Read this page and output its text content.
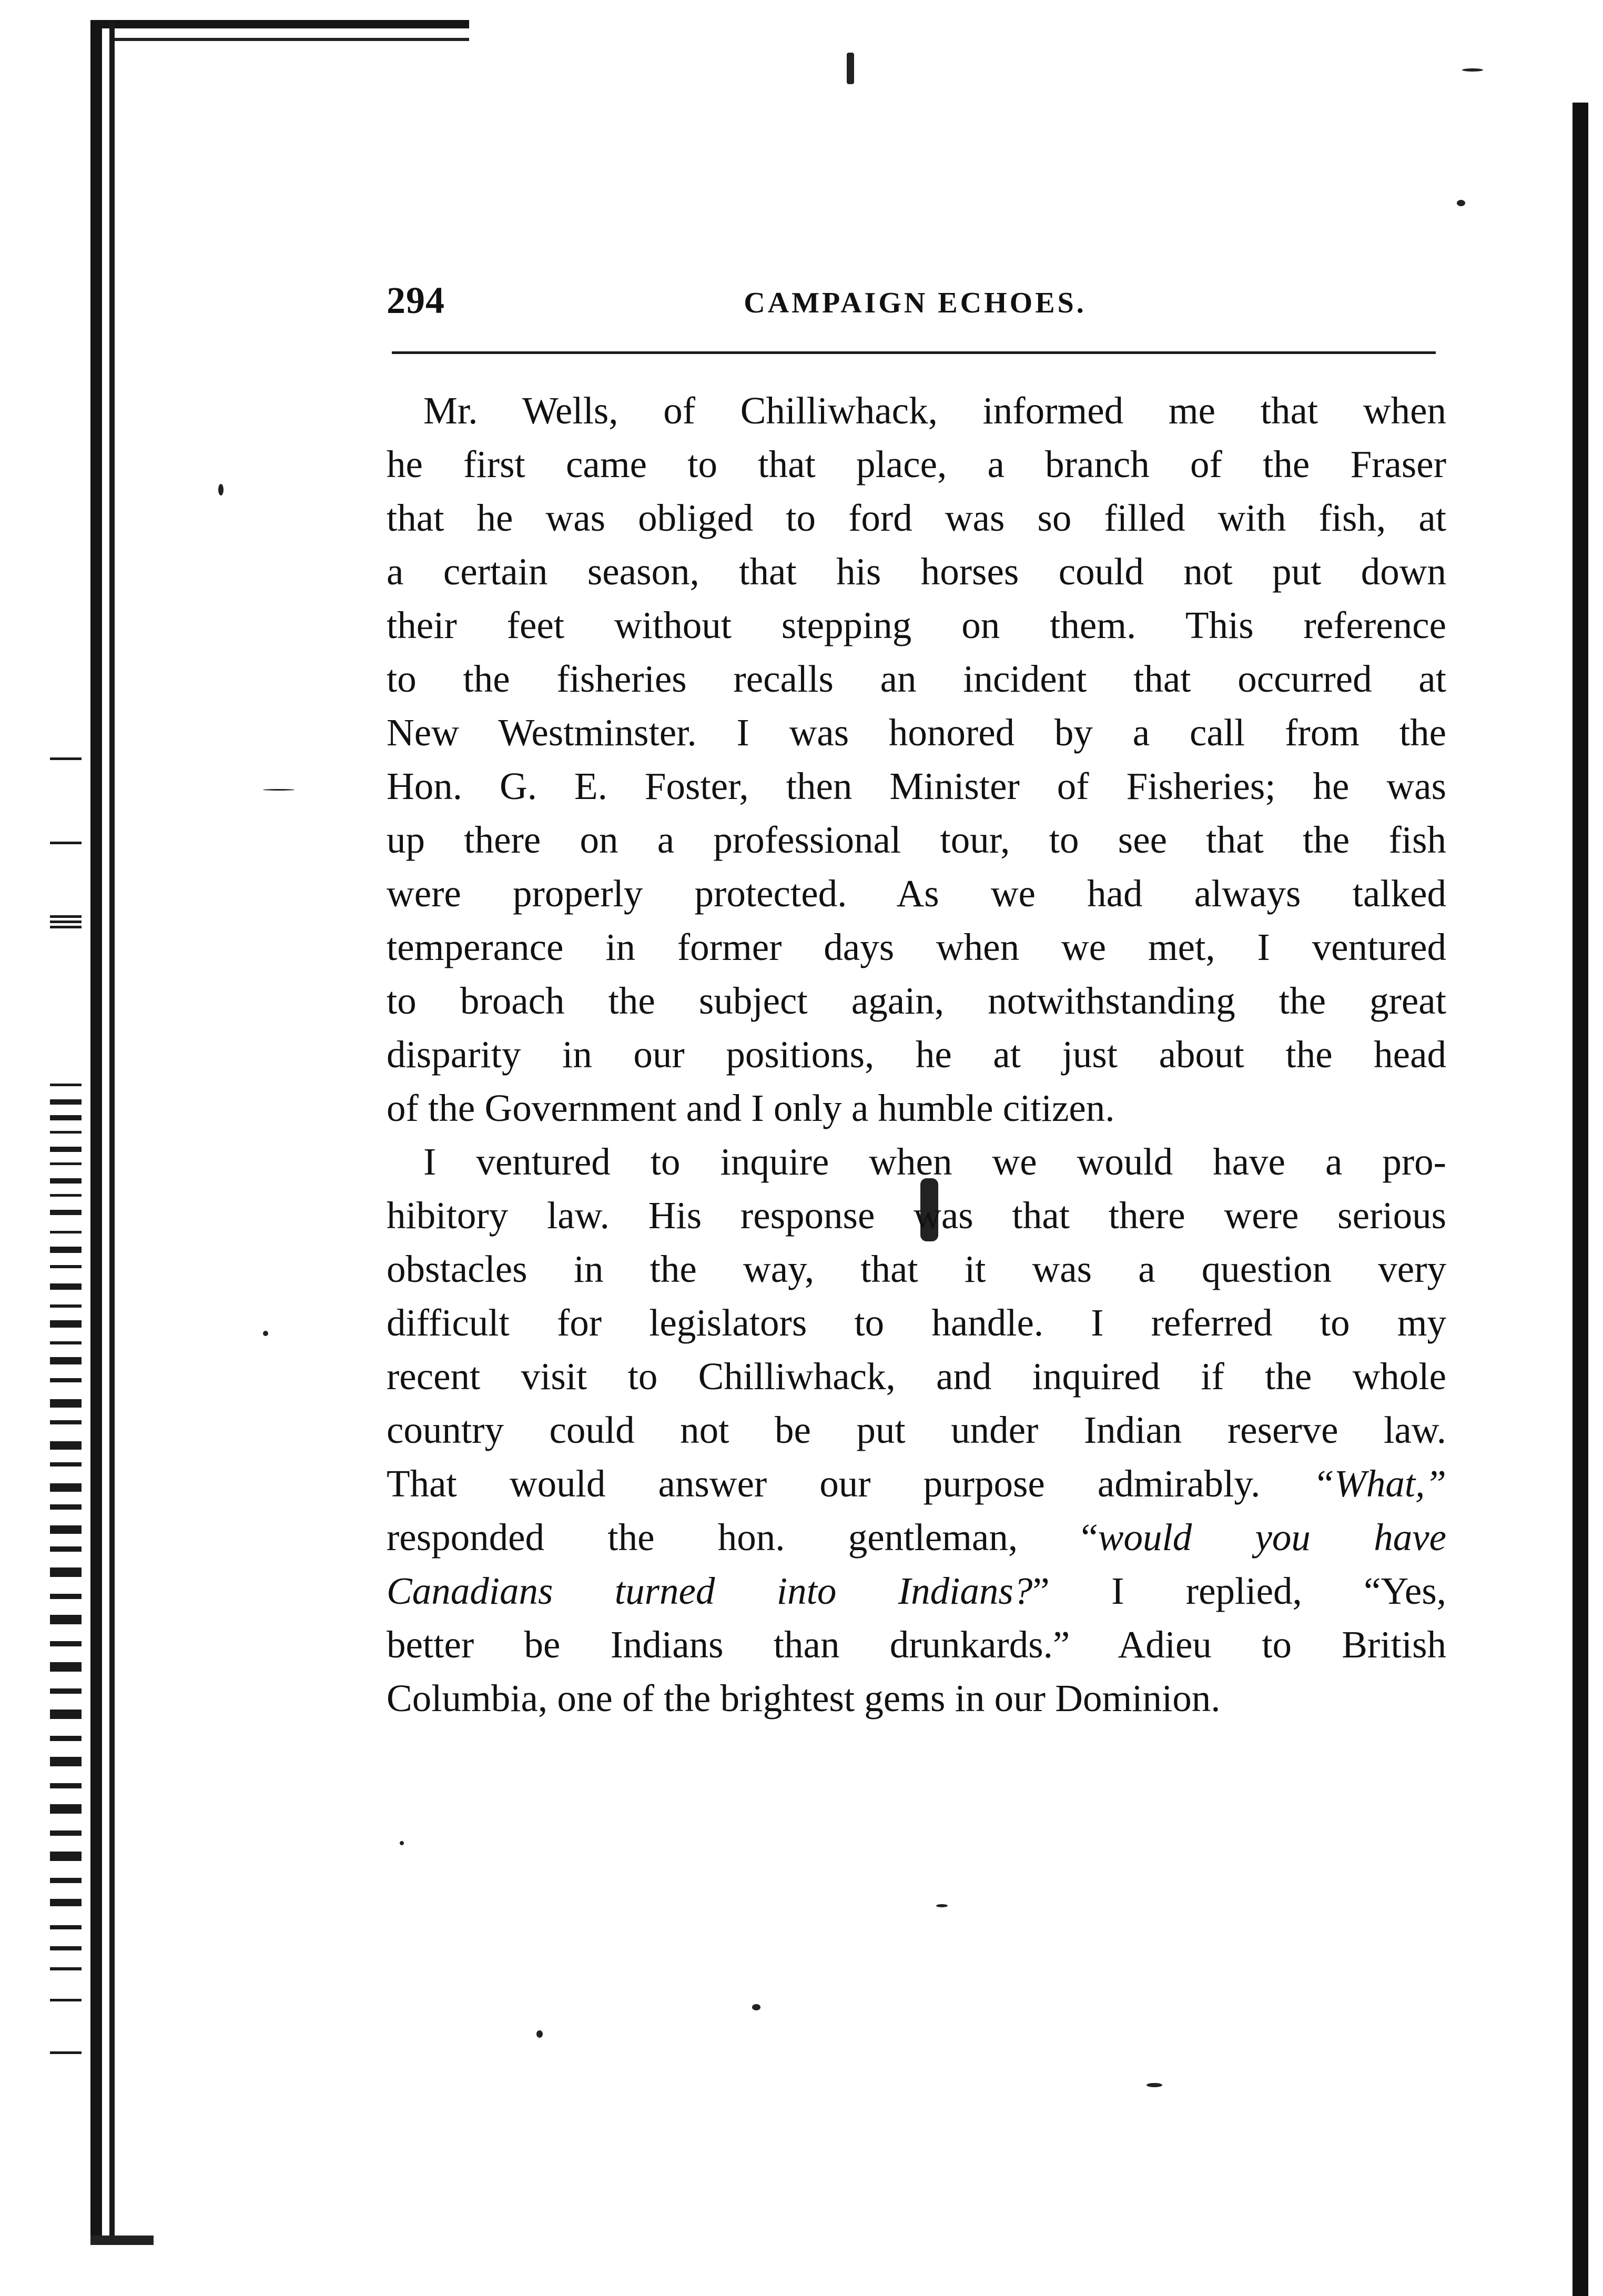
294	CAMPAIGN ECHOES.
Mr. Wells, of Chilliwhack, informed me that when
he first came to that place, a branch of the Fraser
that he was obliged to ford was so filled with fish, at
a certain season, that his horses could not put down
their feet without stepping on them. This reference
to the fisheries recalls an incident that occurred at
New Westminster. I was honored by a call from the
Hon. G. E. Foster, then Minister of Fisheries; he was
up there on a professional tour, to see that the fish
were properly protected. As we had always talked
temperance in former days when we met, I ventured
to broach the subject again, notwithstanding the great
disparity in our positions, he at just about the head
of the Government and I only a humble citizen.
I ventured to inquire when we would have a pro-
hibitory law. His response was that there were serious
obstacles in the way, that it was a question very
difficult for legislators to handle. I referred to my
recent visit to Chilliwhack, and inquired if the whole
country could not be put under Indian reserve law.
That would answer our purpose admirably. “What,”
responded the hon. gentleman, “would you have
Canadians turned into Indians?” I replied, “Yes,
better be Indians than drunkards.” Adieu to British
Columbia, one of the brightest gems in our Dominion.
